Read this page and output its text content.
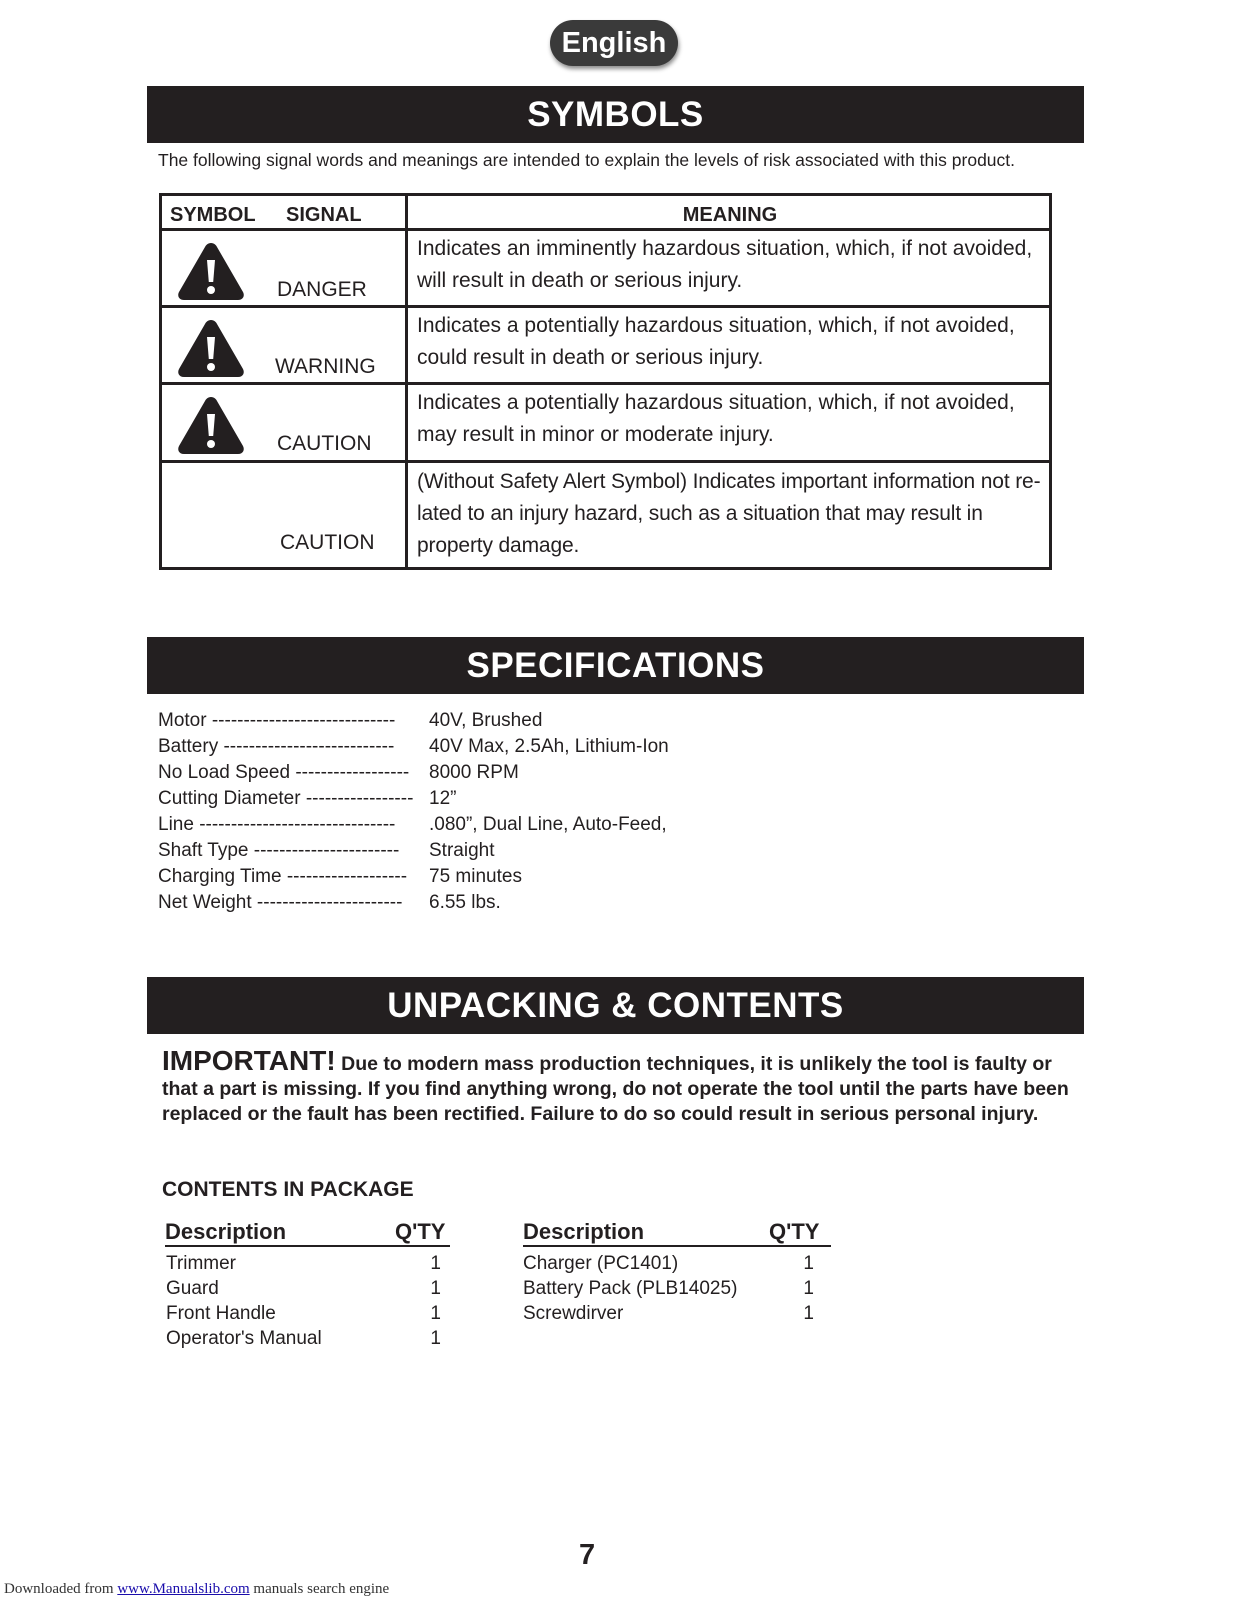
English
SYMBOLS
The following signal words and meanings are intended to explain the levels of risk associated with this product.
SYMBOL SIGNAL	MEANING
DANGER
Indicates an imminently hazardous situation, which, if not avoided, will result in death or serious injury.
WARNING
Indicates a potentially hazardous situation, which, if not avoided, could result in death or serious injury.
CAUTION
Indicates a potentially hazardous situation, which, if not avoided, may result in minor or moderate injury.
CAUTION
(Without Safety Alert Symbol) Indicates important information not re-lated to an injury hazard, such as a situation that may result in property damage.
SPECIFICATIONS
Motor ----------------------------- 40V, Brushed
Battery --------------------------- 40V Max, 2.5Ah, Lithium-Ion
No Load Speed ------------------ 8000 RPM
Cutting Diameter ----------------- 12”
Line ------------------------------- .080”, Dual Line, Auto-Feed,
Shaft Type ----------------------- Straight
Charging Time ------------------- 75 minutes
Net Weight ----------------------- 6.55 lbs.
UNPACKING & CONTENTS
IMPORTANT! Due to modern mass production techniques, it is unlikely the tool is faulty or that a part is missing. If you find anything wrong, do not operate the tool until the parts have been replaced or the fault has been rectified. Failure to do so could result in serious personal injury.
CONTENTS IN PACKAGE
Description	Q'TY	Description	Q'TY
Trimmer	1
Guard	1
Front Handle	1
Operator's Manual	1
Charger (PC1401)	1
Battery Pack (PLB14025)	1
Screwdirver	1
7
Downloaded from www.Manualslib.com manuals search engine
